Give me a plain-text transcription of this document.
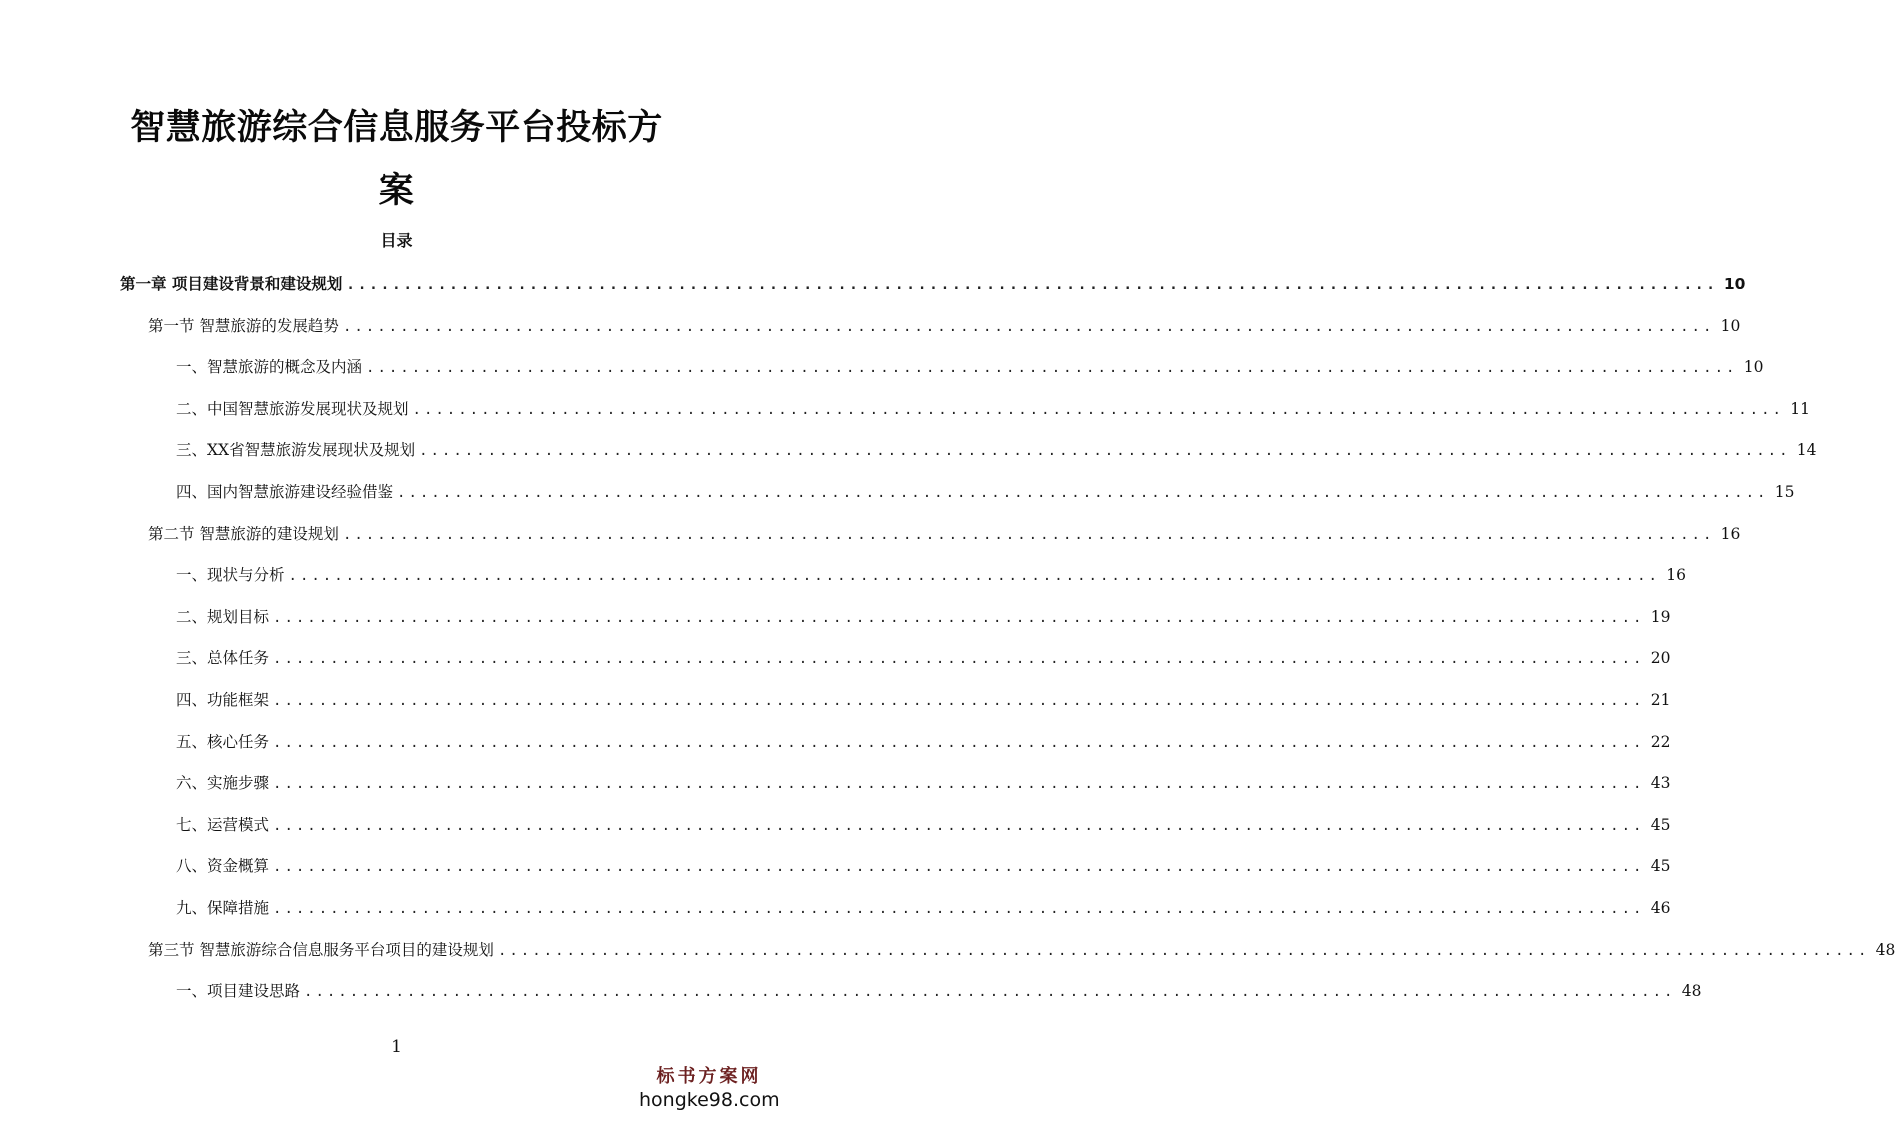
智慧旅游综合信息服务平台投标方
案
目录
第一章 项目建设背景和建设规划 ........................................................................................................................ 10
第一节 智慧旅游的发展趋势 ........................................................................................................................ 10
一、智慧旅游的概念及内涵 ........................................................................................................................ 10
二、中国智慧旅游发展现状及规划 ........................................................................................................................ 11
三、XX省智慧旅游发展现状及规划 ........................................................................................................................ 14
四、国内智慧旅游建设经验借鉴 ........................................................................................................................ 15
第二节 智慧旅游的建设规划 ........................................................................................................................ 16
一、现状与分析 ........................................................................................................................ 16
二、规划目标 ........................................................................................................................ 19
三、总体任务 ........................................................................................................................ 20
四、功能框架 ........................................................................................................................ 21
五、核心任务 ........................................................................................................................ 22
六、实施步骤 ........................................................................................................................ 43
七、运营模式 ........................................................................................................................ 45
八、资金概算 ........................................................................................................................ 45
九、保障措施 ........................................................................................................................ 46
第三节 智慧旅游综合信息服务平台项目的建设规划 ........................................................................................................................ 48
一、项目建设思路 ........................................................................................................................ 48
1
标书方案网
hongke98.com
